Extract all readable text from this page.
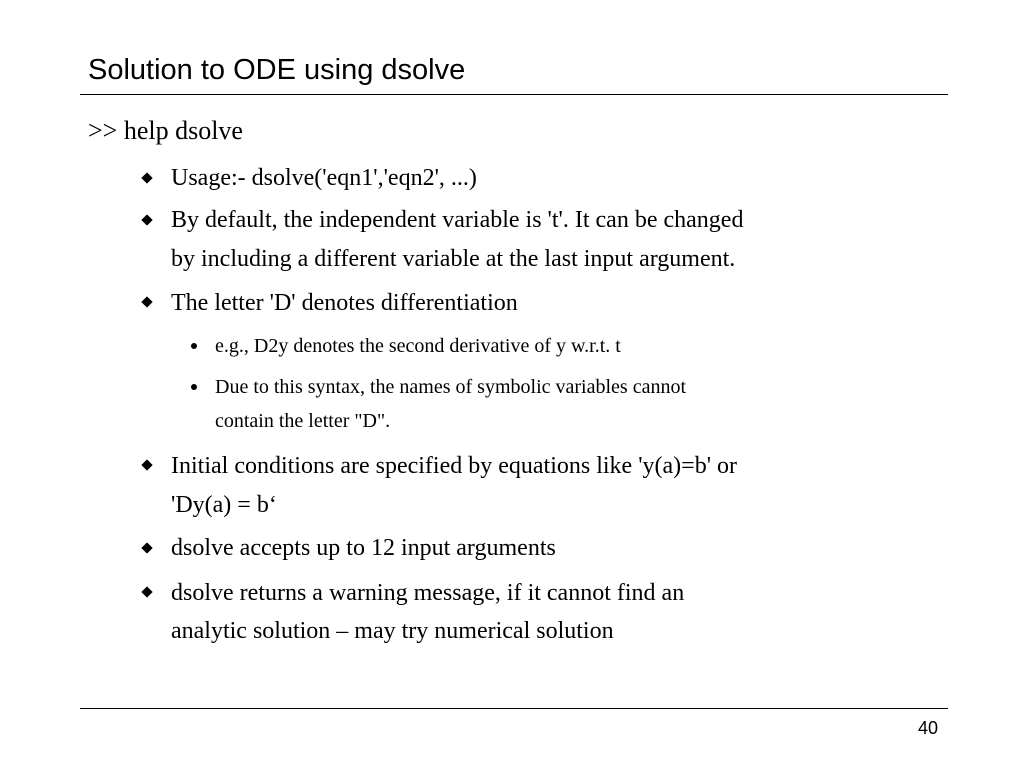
Solution to ODE using dsolve
>> help dsolve
Usage:- dsolve('eqn1','eqn2', ...)
By default, the independent variable is 't'. It can be changed
by including a different variable at the last input argument.
The letter 'D' denotes differentiation
e.g., D2y denotes the second derivative of y w.r.t. t
Due to this syntax, the names of symbolic variables cannot
contain the letter "D".
Initial conditions are specified by equations like 'y(a)=b' or
'Dy(a) = b‘
dsolve accepts up to 12 input arguments
dsolve returns a warning message, if it cannot find an
analytic solution – may try numerical solution
40
